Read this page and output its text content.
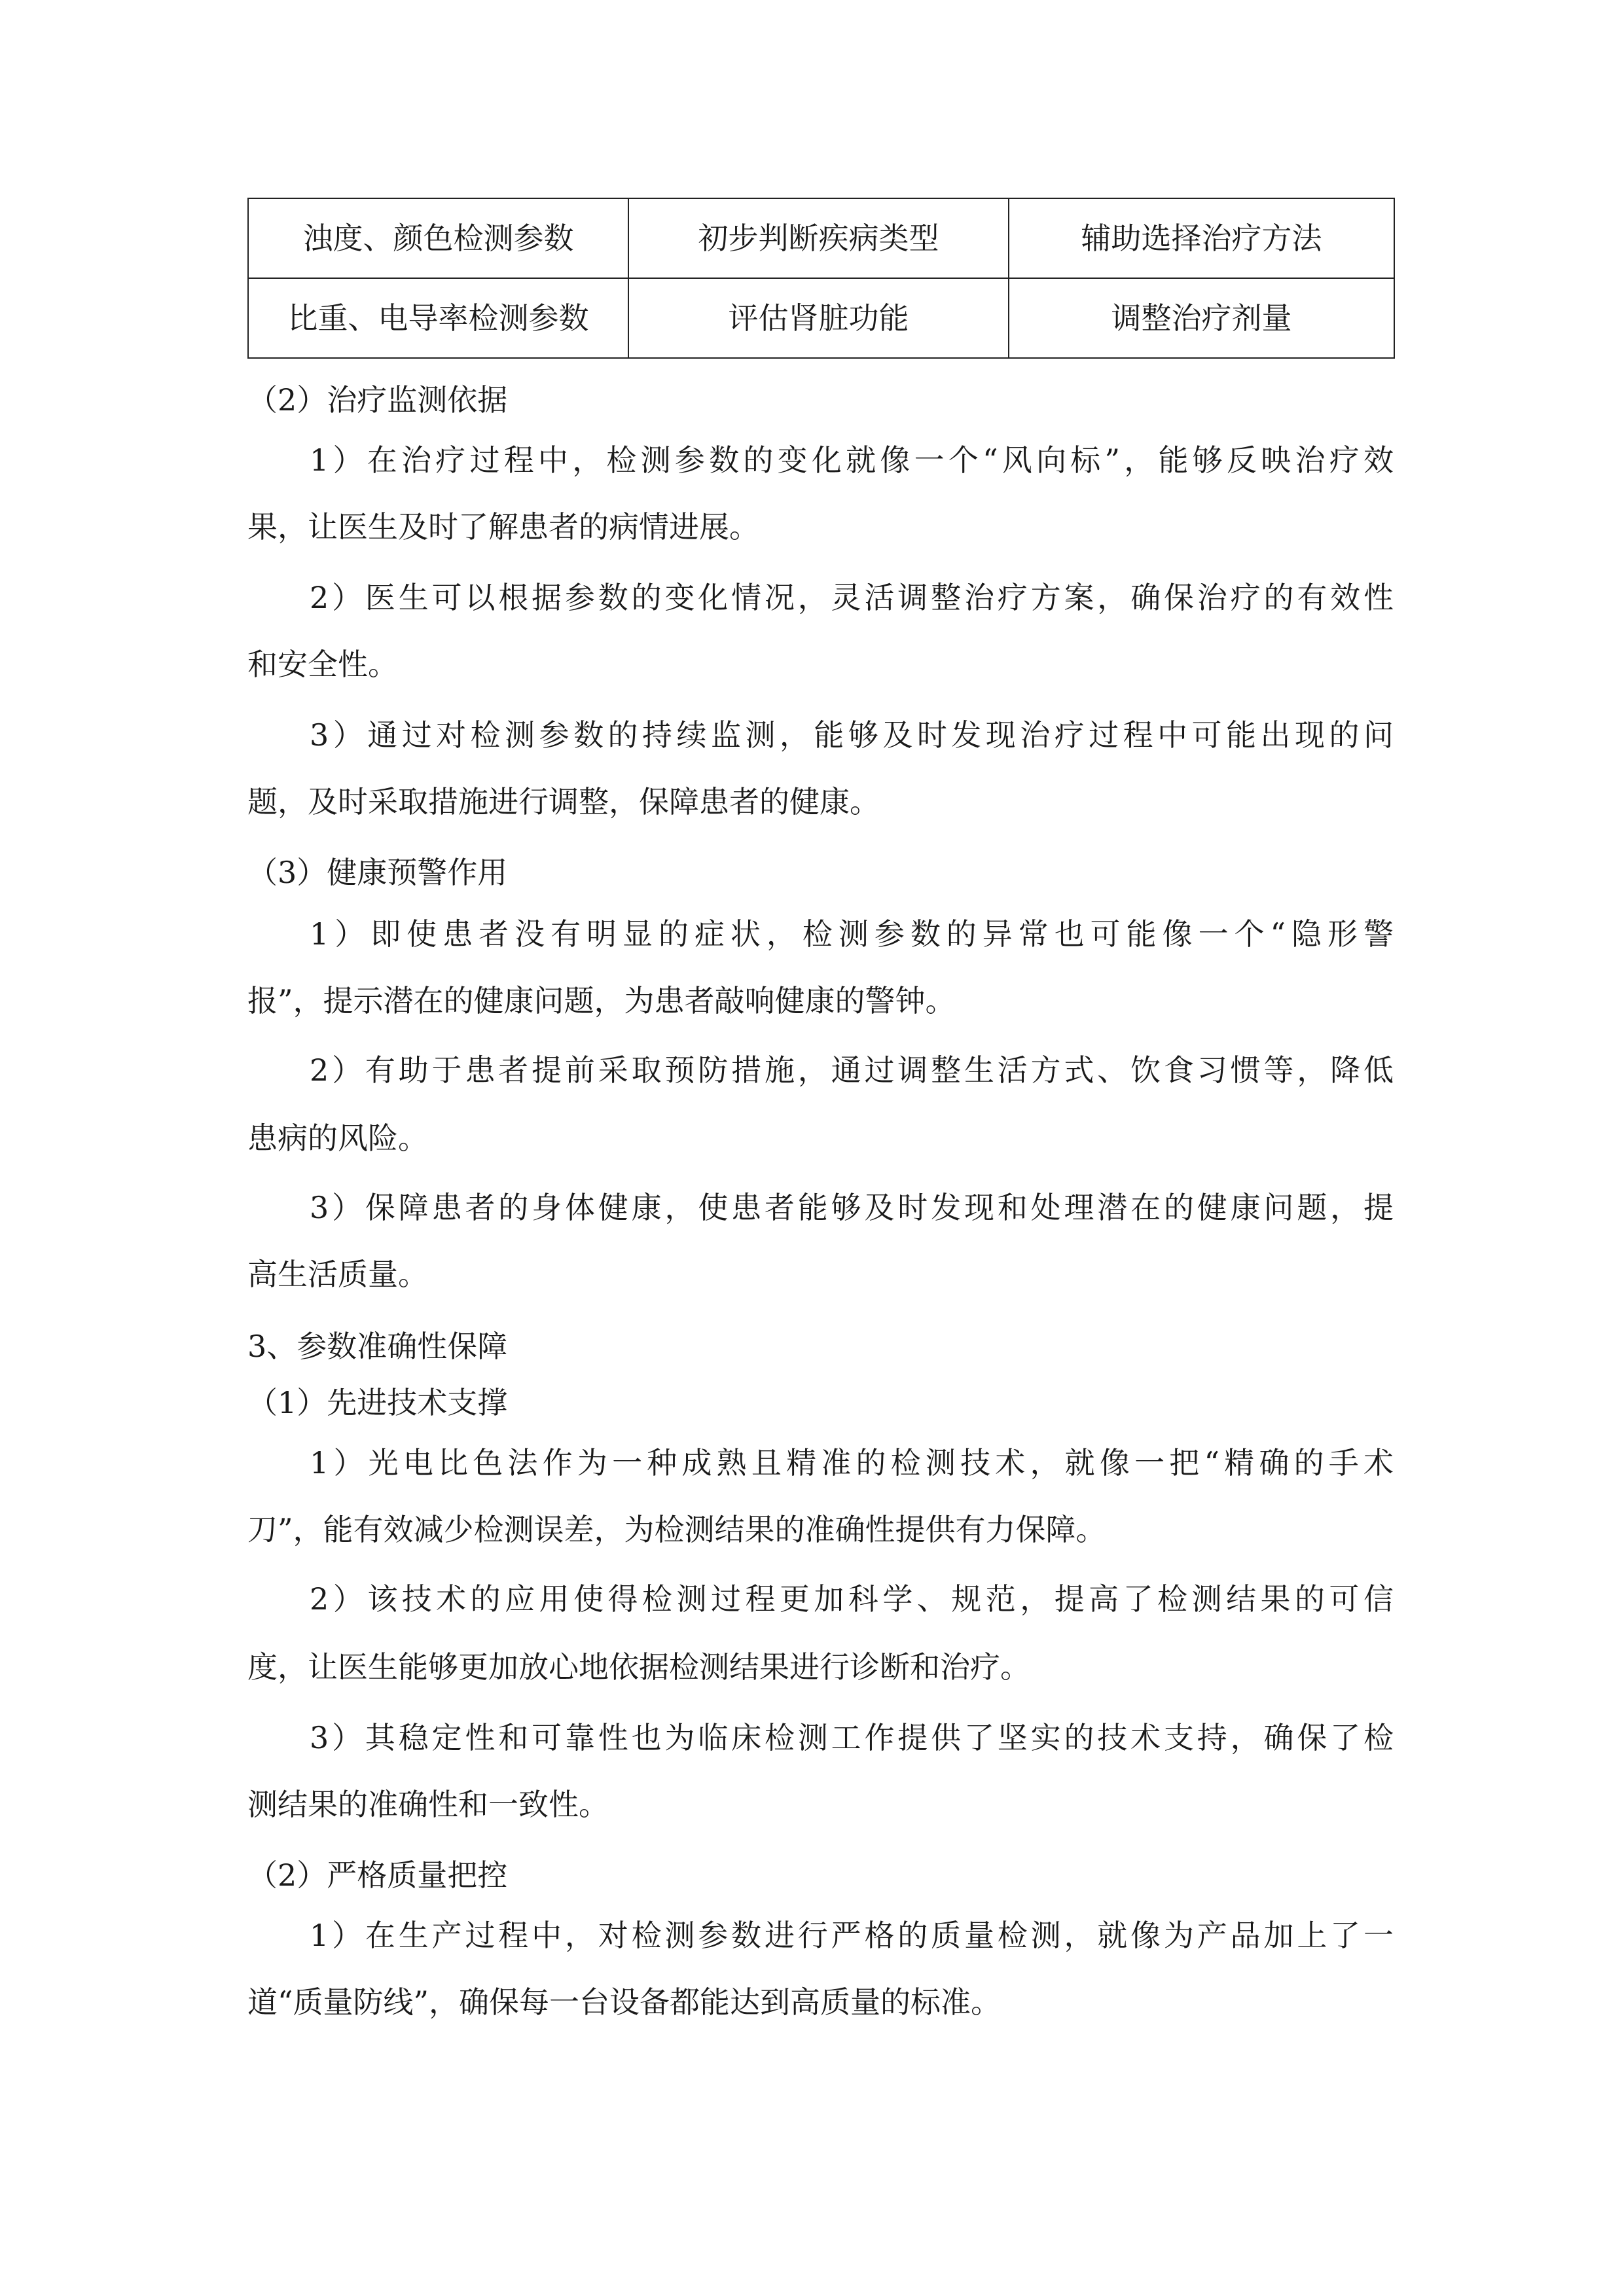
浊度、颜色检测参数	初步判断疾病类型	辅助选择治疗方法
比重、电导率检测参数	评估肾脏功能	调整治疗剂量
（2）治疗监测依据
1）在治疗过程中，检测参数的变化就像一个“风向标”，能够反映治疗效
果，让医生及时了解患者的病情进展。
2）医生可以根据参数的变化情况，灵活调整治疗方案，确保治疗的有效性
和安全性。
3）通过对检测参数的持续监测，能够及时发现治疗过程中可能出现的问
题，及时采取措施进行调整，保障患者的健康。
（3）健康预警作用
1）即使患者没有明显的症状，检测参数的异常也可能像一个“隐形警
报”，提示潜在的健康问题，为患者敲响健康的警钟。
2）有助于患者提前采取预防措施，通过调整生活方式、饮食习惯等，降低
患病的风险。
3）保障患者的身体健康，使患者能够及时发现和处理潜在的健康问题，提
高生活质量。
3、参数准确性保障
（1）先进技术支撑
1）光电比色法作为一种成熟且精准的检测技术，就像一把“精确的手术
刀”，能有效减少检测误差，为检测结果的准确性提供有力保障。
2）该技术的应用使得检测过程更加科学、规范，提高了检测结果的可信
度，让医生能够更加放心地依据检测结果进行诊断和治疗。
3）其稳定性和可靠性也为临床检测工作提供了坚实的技术支持，确保了检
测结果的准确性和一致性。
（2）严格质量把控
1）在生产过程中，对检测参数进行严格的质量检测，就像为产品加上了一
道“质量防线”，确保每一台设备都能达到高质量的标准。
